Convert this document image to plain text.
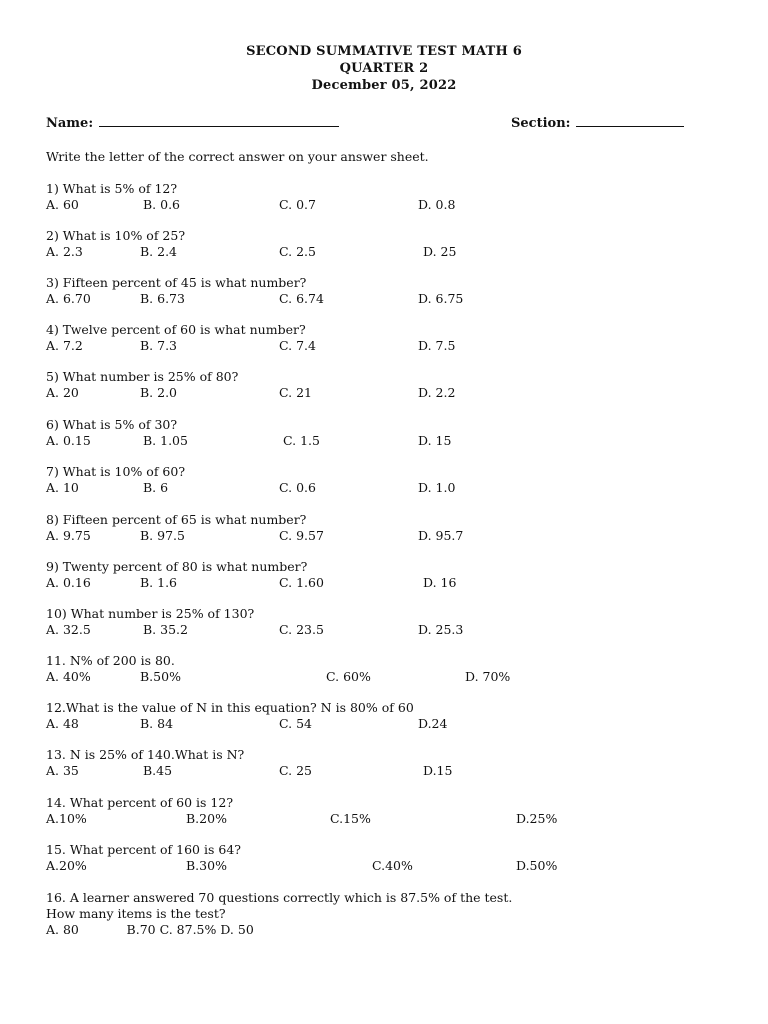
SECOND SUMMATIVE TEST MATH 6
QUARTER 2
December 05, 2022
Name:	Section:
Write the letter of the correct answer on your answer sheet.
1) What is 5% of 12?
A. 60	B. 0.6	C. 0.7	D. 0.8
2) What is 10% of 25?
A. 2.3	B. 2.4	C. 2.5	D. 25
3) Fifteen percent of 45 is what number?
A. 6.70	B. 6.73	C. 6.74	D. 6.75
4) Twelve percent of 60 is what number?
A. 7.2	B. 7.3	C. 7.4	D. 7.5
5) What number is 25% of 80?
A. 20	B. 2.0	C. 21	D. 2.2
6) What is 5% of 30?
A. 0.15	B. 1.05	C. 1.5	D. 15
7) What is 10% of 60?
A. 10	B. 6	C. 0.6	D. 1.0
8) Fifteen percent of 65 is what number?
A. 9.75	B. 97.5	C. 9.57	D. 95.7
9) Twenty percent of 80 is what number?
A. 0.16	B. 1.6	C. 1.60	D. 16
10) What number is 25% of 130?
A. 32.5	B. 35.2	C. 23.5	D. 25.3
11. N% of 200 is 80.
A. 40%	B.50%	C. 60%	D. 70%
12.What is the value of N in this equation? N is 80% of 60
A. 48	B. 84	C. 54	D.24
13. N is 25% of 140.What is N?
A. 35	B.45	C. 25	D.15
14. What percent of 60 is 12?
A.10%	B.20%	C.15%	D.25%
15. What percent of 160 is 64?
A.20%	B.30%	C.40%	D.50%
16. A learner answered 70 questions correctly which is 87.5% of the test.
How many items is the test?
A. 80            B.70 C. 87.5% D. 50
